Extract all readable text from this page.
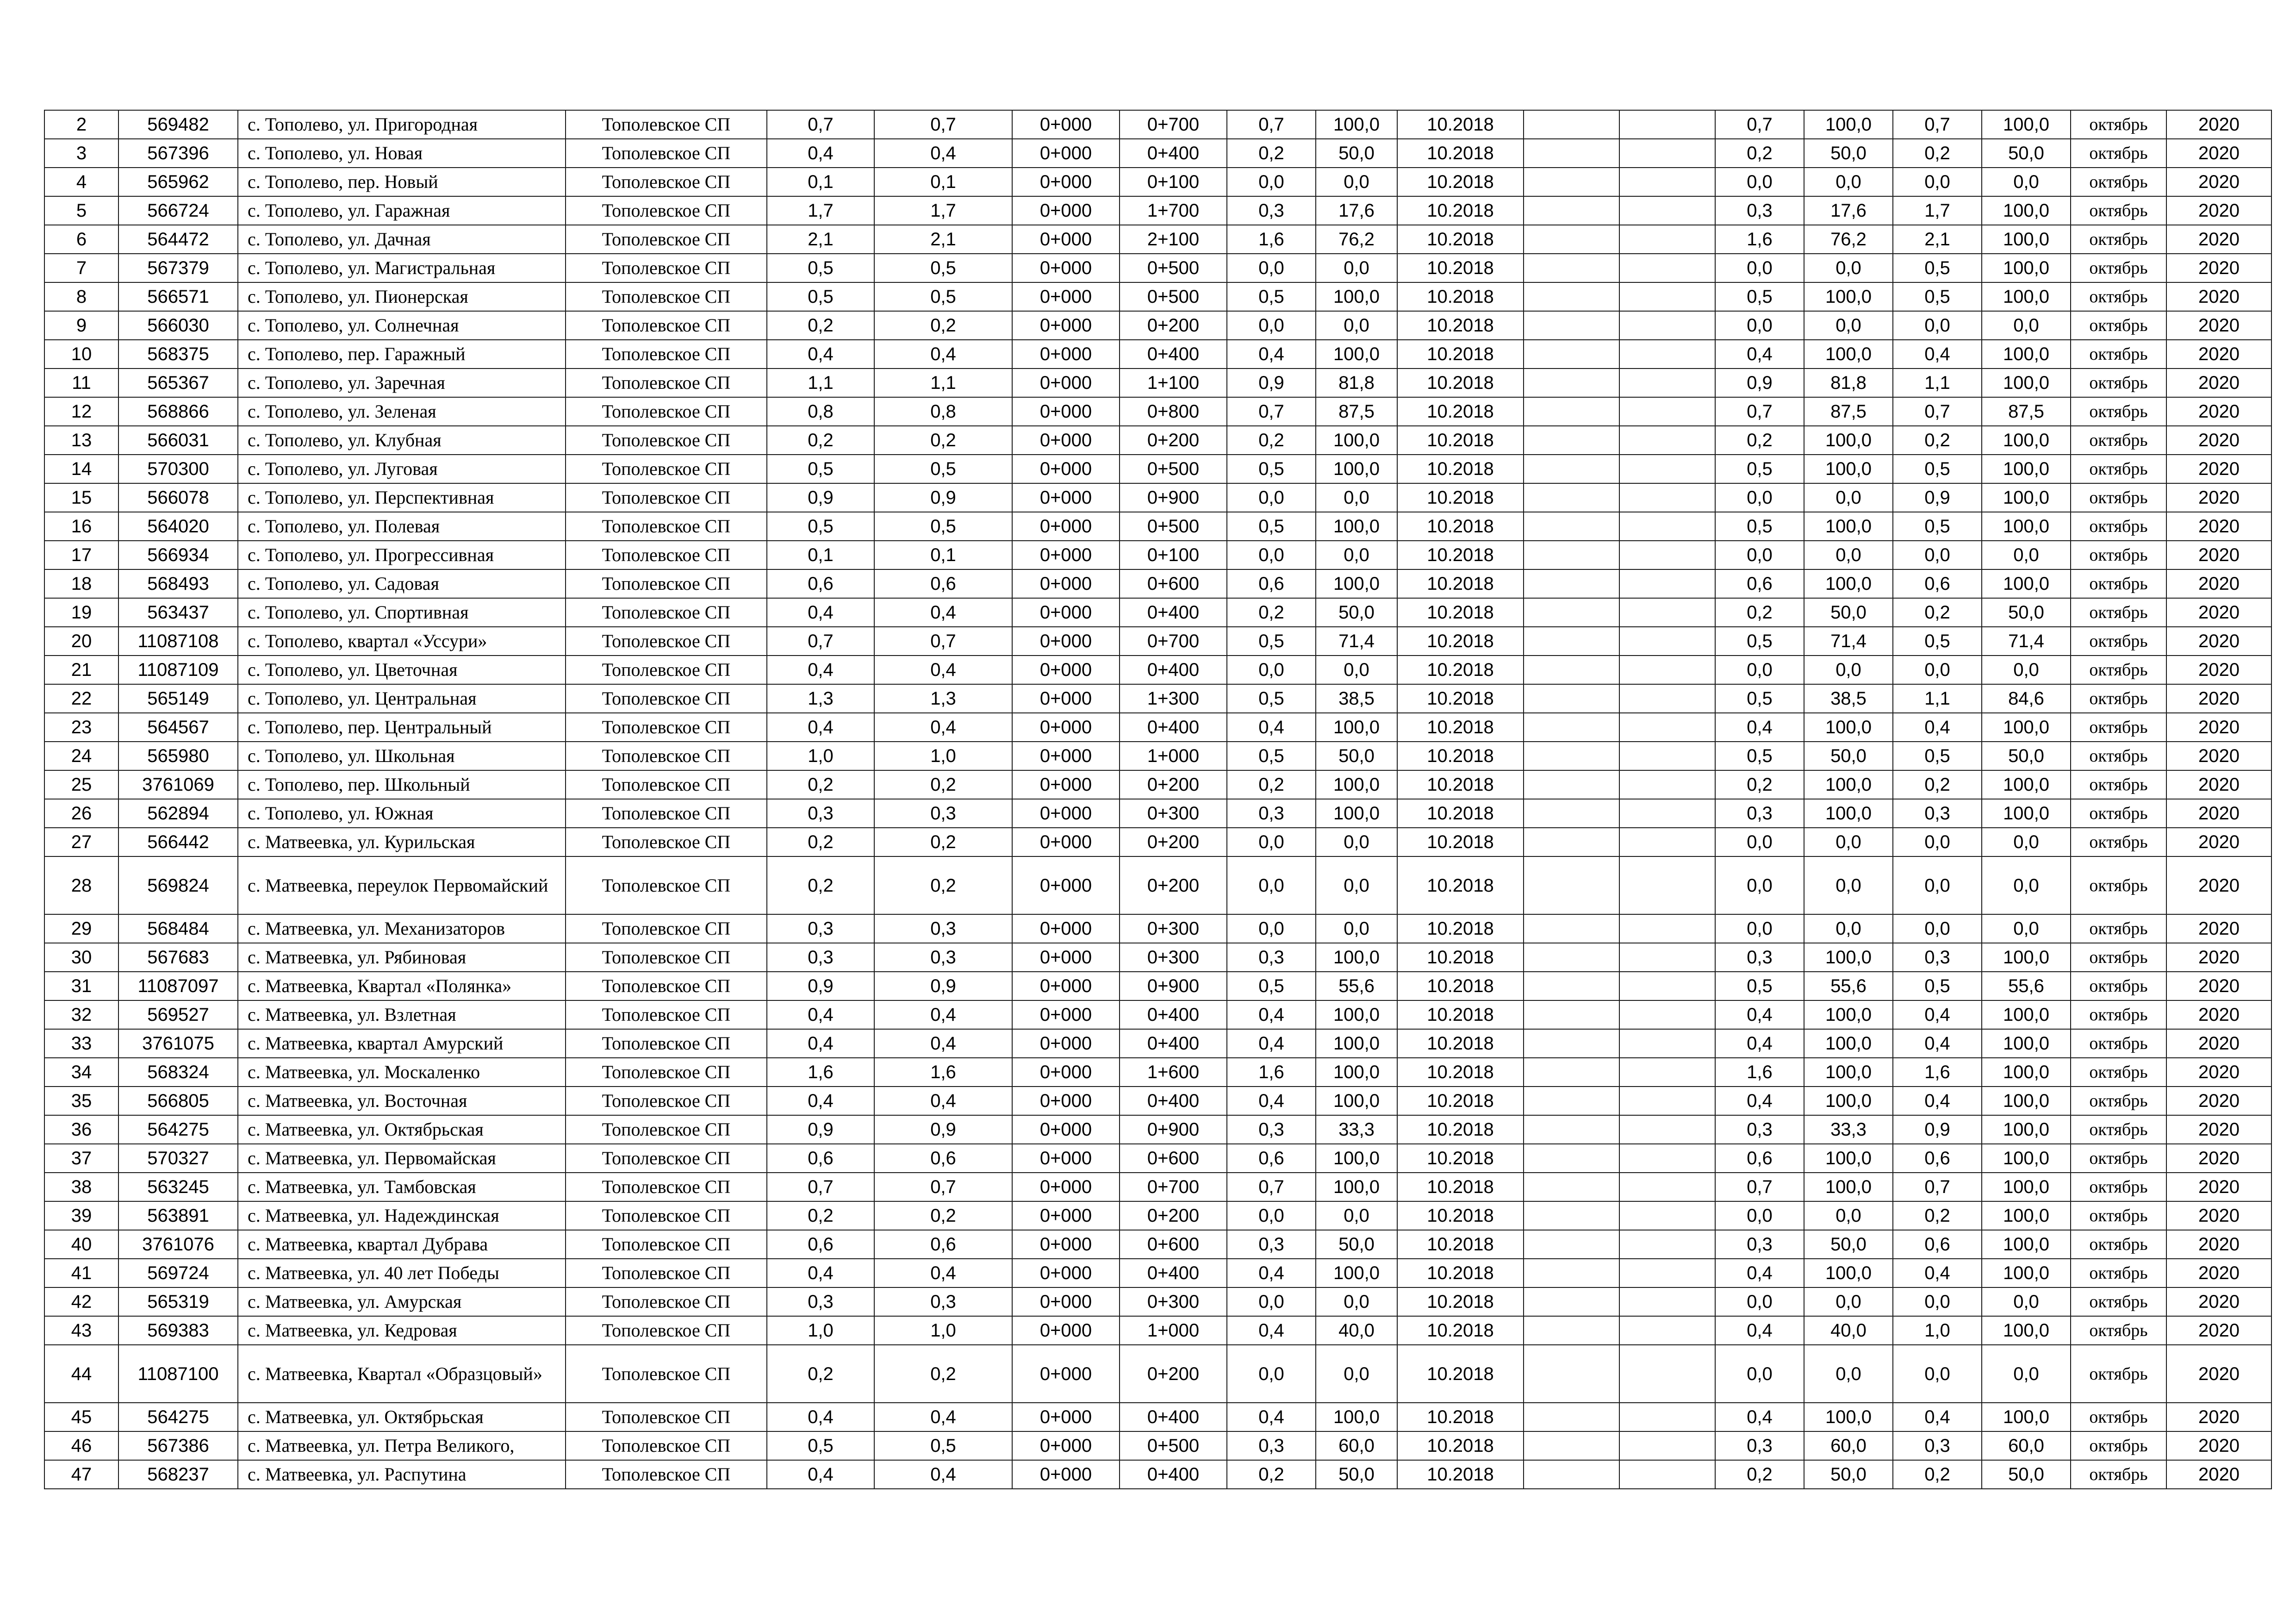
2	569482	с. Тополево, ул. Пригородная	Тополевское СП	0,7	0,7	0+000	0+700	0,7	100,0	10.2018			0,7	100,0	0,7	100,0	октябрь	2020
3	567396	с. Тополево, ул. Новая	Тополевское СП	0,4	0,4	0+000	0+400	0,2	50,0	10.2018			0,2	50,0	0,2	50,0	октябрь	2020
4	565962	с. Тополево, пер. Новый	Тополевское СП	0,1	0,1	0+000	0+100	0,0	0,0	10.2018			0,0	0,0	0,0	0,0	октябрь	2020
5	566724	с. Тополево, ул. Гаражная	Тополевское СП	1,7	1,7	0+000	1+700	0,3	17,6	10.2018			0,3	17,6	1,7	100,0	октябрь	2020
6	564472	с. Тополево, ул. Дачная	Тополевское СП	2,1	2,1	0+000	2+100	1,6	76,2	10.2018			1,6	76,2	2,1	100,0	октябрь	2020
7	567379	с. Тополево, ул. Магистральная	Тополевское СП	0,5	0,5	0+000	0+500	0,0	0,0	10.2018			0,0	0,0	0,5	100,0	октябрь	2020
8	566571	с. Тополево, ул. Пионерская	Тополевское СП	0,5	0,5	0+000	0+500	0,5	100,0	10.2018			0,5	100,0	0,5	100,0	октябрь	2020
9	566030	с. Тополево, ул. Солнечная	Тополевское СП	0,2	0,2	0+000	0+200	0,0	0,0	10.2018			0,0	0,0	0,0	0,0	октябрь	2020
10	568375	с. Тополево, пер. Гаражный	Тополевское СП	0,4	0,4	0+000	0+400	0,4	100,0	10.2018			0,4	100,0	0,4	100,0	октябрь	2020
11	565367	с. Тополево, ул. Заречная	Тополевское СП	1,1	1,1	0+000	1+100	0,9	81,8	10.2018			0,9	81,8	1,1	100,0	октябрь	2020
12	568866	с. Тополево, ул. Зеленая	Тополевское СП	0,8	0,8	0+000	0+800	0,7	87,5	10.2018			0,7	87,5	0,7	87,5	октябрь	2020
13	566031	с. Тополево, ул. Клубная	Тополевское СП	0,2	0,2	0+000	0+200	0,2	100,0	10.2018			0,2	100,0	0,2	100,0	октябрь	2020
14	570300	с. Тополево, ул. Луговая	Тополевское СП	0,5	0,5	0+000	0+500	0,5	100,0	10.2018			0,5	100,0	0,5	100,0	октябрь	2020
15	566078	с. Тополево, ул. Перспективная	Тополевское СП	0,9	0,9	0+000	0+900	0,0	0,0	10.2018			0,0	0,0	0,9	100,0	октябрь	2020
16	564020	с. Тополево, ул. Полевая	Тополевское СП	0,5	0,5	0+000	0+500	0,5	100,0	10.2018			0,5	100,0	0,5	100,0	октябрь	2020
17	566934	с. Тополево, ул. Прогрессивная	Тополевское СП	0,1	0,1	0+000	0+100	0,0	0,0	10.2018			0,0	0,0	0,0	0,0	октябрь	2020
18	568493	с. Тополево, ул. Садовая	Тополевское СП	0,6	0,6	0+000	0+600	0,6	100,0	10.2018			0,6	100,0	0,6	100,0	октябрь	2020
19	563437	с. Тополево, ул. Спортивная	Тополевское СП	0,4	0,4	0+000	0+400	0,2	50,0	10.2018			0,2	50,0	0,2	50,0	октябрь	2020
20	11087108	с. Тополево, квартал «Уссури»	Тополевское СП	0,7	0,7	0+000	0+700	0,5	71,4	10.2018			0,5	71,4	0,5	71,4	октябрь	2020
21	11087109	с. Тополево, ул. Цветочная	Тополевское СП	0,4	0,4	0+000	0+400	0,0	0,0	10.2018			0,0	0,0	0,0	0,0	октябрь	2020
22	565149	с. Тополево, ул. Центральная	Тополевское СП	1,3	1,3	0+000	1+300	0,5	38,5	10.2018			0,5	38,5	1,1	84,6	октябрь	2020
23	564567	с. Тополево, пер. Центральный	Тополевское СП	0,4	0,4	0+000	0+400	0,4	100,0	10.2018			0,4	100,0	0,4	100,0	октябрь	2020
24	565980	с. Тополево, ул. Школьная	Тополевское СП	1,0	1,0	0+000	1+000	0,5	50,0	10.2018			0,5	50,0	0,5	50,0	октябрь	2020
25	3761069	с. Тополево, пер. Школьный	Тополевское СП	0,2	0,2	0+000	0+200	0,2	100,0	10.2018			0,2	100,0	0,2	100,0	октябрь	2020
26	562894	с. Тополево, ул. Южная	Тополевское СП	0,3	0,3	0+000	0+300	0,3	100,0	10.2018			0,3	100,0	0,3	100,0	октябрь	2020
27	566442	с. Матвеевка, ул. Курильская	Тополевское СП	0,2	0,2	0+000	0+200	0,0	0,0	10.2018			0,0	0,0	0,0	0,0	октябрь	2020
28	569824	с. Матвеевка, переулок Первомайский	Тополевское СП	0,2	0,2	0+000	0+200	0,0	0,0	10.2018			0,0	0,0	0,0	0,0	октябрь	2020
29	568484	с. Матвеевка, ул. Механизаторов	Тополевское СП	0,3	0,3	0+000	0+300	0,0	0,0	10.2018			0,0	0,0	0,0	0,0	октябрь	2020
30	567683	с. Матвеевка, ул. Рябиновая	Тополевское СП	0,3	0,3	0+000	0+300	0,3	100,0	10.2018			0,3	100,0	0,3	100,0	октябрь	2020
31	11087097	с. Матвеевка, Квартал «Полянка»	Тополевское СП	0,9	0,9	0+000	0+900	0,5	55,6	10.2018			0,5	55,6	0,5	55,6	октябрь	2020
32	569527	с. Матвеевка, ул. Взлетная	Тополевское СП	0,4	0,4	0+000	0+400	0,4	100,0	10.2018			0,4	100,0	0,4	100,0	октябрь	2020
33	3761075	с. Матвеевка, квартал Амурский	Тополевское СП	0,4	0,4	0+000	0+400	0,4	100,0	10.2018			0,4	100,0	0,4	100,0	октябрь	2020
34	568324	с. Матвеевка, ул. Москаленко	Тополевское СП	1,6	1,6	0+000	1+600	1,6	100,0	10.2018			1,6	100,0	1,6	100,0	октябрь	2020
35	566805	с. Матвеевка, ул. Восточная	Тополевское СП	0,4	0,4	0+000	0+400	0,4	100,0	10.2018			0,4	100,0	0,4	100,0	октябрь	2020
36	564275	с. Матвеевка, ул. Октябрьская	Тополевское СП	0,9	0,9	0+000	0+900	0,3	33,3	10.2018			0,3	33,3	0,9	100,0	октябрь	2020
37	570327	с. Матвеевка, ул. Первомайская	Тополевское СП	0,6	0,6	0+000	0+600	0,6	100,0	10.2018			0,6	100,0	0,6	100,0	октябрь	2020
38	563245	с. Матвеевка, ул. Тамбовская	Тополевское СП	0,7	0,7	0+000	0+700	0,7	100,0	10.2018			0,7	100,0	0,7	100,0	октябрь	2020
39	563891	с. Матвеевка, ул. Надеждинская	Тополевское СП	0,2	0,2	0+000	0+200	0,0	0,0	10.2018			0,0	0,0	0,2	100,0	октябрь	2020
40	3761076	с. Матвеевка, квартал Дубрава	Тополевское СП	0,6	0,6	0+000	0+600	0,3	50,0	10.2018			0,3	50,0	0,6	100,0	октябрь	2020
41	569724	с. Матвеевка, ул. 40 лет Победы	Тополевское СП	0,4	0,4	0+000	0+400	0,4	100,0	10.2018			0,4	100,0	0,4	100,0	октябрь	2020
42	565319	с. Матвеевка, ул. Амурская	Тополевское СП	0,3	0,3	0+000	0+300	0,0	0,0	10.2018			0,0	0,0	0,0	0,0	октябрь	2020
43	569383	с. Матвеевка, ул. Кедровая	Тополевское СП	1,0	1,0	0+000	1+000	0,4	40,0	10.2018			0,4	40,0	1,0	100,0	октябрь	2020
44	11087100	с. Матвеевка, Квартал «Образцовый»	Тополевское СП	0,2	0,2	0+000	0+200	0,0	0,0	10.2018			0,0	0,0	0,0	0,0	октябрь	2020
45	564275	с. Матвеевка, ул. Октябрьская	Тополевское СП	0,4	0,4	0+000	0+400	0,4	100,0	10.2018			0,4	100,0	0,4	100,0	октябрь	2020
46	567386	с. Матвеевка, ул. Петра Великого,	Тополевское СП	0,5	0,5	0+000	0+500	0,3	60,0	10.2018			0,3	60,0	0,3	60,0	октябрь	2020
47	568237	с. Матвеевка, ул. Распутина	Тополевское СП	0,4	0,4	0+000	0+400	0,2	50,0	10.2018			0,2	50,0	0,2	50,0	октябрь	2020
